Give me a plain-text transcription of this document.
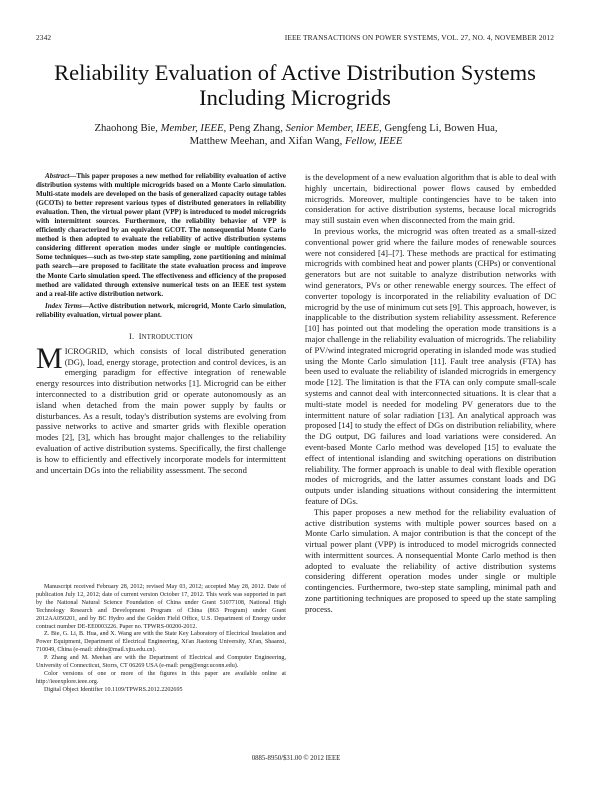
2342	IEEE TRANSACTIONS ON POWER SYSTEMS, VOL. 27, NO. 4, NOVEMBER 2012
Reliability Evaluation of Active Distribution Systems Including Microgrids
Zhaohong Bie, Member, IEEE, Peng Zhang, Senior Member, IEEE, Gengfeng Li, Bowen Hua,
Matthew Meehan, and Xifan Wang, Fellow, IEEE

Abstract—This paper proposes a new method for reliability evaluation of active distribution systems with multiple microgrids based on a Monte Carlo simulation. Multi-state models are developed on the basis of generalized capacity outage tables (GCOTs) to better represent various types of distributed generators in reliability evaluation. Then, the virtual power plant (VPP) is introduced to model microgrids with intermittent sources. Furthermore, the reliability behavior of VPP is efficiently characterized by an equivalent GCOT. The nonsequential Monte Carlo method is then adopted to evaluate the reliability of active distribution systems considering different operation modes under single or multiple contingencies. Some techniques—such as two-step state sampling, zone partitioning and minimal path search—are proposed to facilitate the state evaluation process and improve the Monte Carlo simulation speed. The effectiveness and efficiency of the proposed method are validated through extensive numerical tests on an IEEE test system and a real-life active distribution network.

Index Terms—Active distribution network, microgrid, Monte Carlo simulation, reliability evaluation, virtual power plant.

I. INTRODUCTION

MICROGRID, which consists of local distributed generation (DG), load, energy storage, protection and control devices, is an emerging paradigm for effective integration of renewable energy resources into distribution networks [1]. Microgrid can be either interconnected to a distribution grid or operate autonomously as an island when detached from the main power supply by faults or disturbances. As a result, today's distribution systems are evolving from passive networks to active and smarter grids with flexible operation modes [2], [3], which has brought major challenges to the reliability evaluation of active distribution systems. Specifically, the first challenge is how to efficiently and effectively incorporate models for intermittent and uncertain DGs into the reliability assessment. The second

Manuscript received February 28, 2012; revised May 03, 2012; accepted May 28, 2012. Date of publication July 12, 2012; date of current version October 17, 2012. This work was supported in part by the National Natural Science Foundation of China under Grant 51077108, National High Technology Research and Development Program of China (863 Program) under Grant 2012AA050201, and by BC Hydro and the Golden Field Office, U.S. Department of Energy under contract number DE-EE0003226. Paper no. TPWRS-00200-2012.

Z. Bie, G. Li, B. Hua, and X. Wang are with the State Key Laboratory of Electrical Insulation and Power Equipment, Department of Electrical Engineering, Xi'an Jiaotong University, Xi'an, Shaanxi, 710049, China (e-mail: zhbie@mail.xjtu.edu.cn).

P. Zhang and M. Meehan are with the Department of Electrical and Computer Engineering, University of Connecticut, Storrs, CT 06269 USA (e-mail: peng@engr.uconn.edu).

Color versions of one or more of the figures in this paper are available online at http://ieeexplore.ieee.org.

Digital Object Identifier 10.1109/TPWRS.2012.2202695

is the development of a new evaluation algorithm that is able to deal with highly uncertain, bidirectional power flows caused by embedded microgrids. Moreover, multiple contingencies have to be taken into consideration for active distribution systems, because local microgrids may still sustain even when disconnected from the main grid.

In previous works, the microgrid was often treated as a small-sized conventional power grid where the failure modes of renewable sources were not considered [4]–[7]. These methods are practical for estimating microgrids with combined heat and power plants (CHPs) or conventional generators but are not suitable to analyze distribution networks with wind generators, PVs or other renewable energy sources. The effect of converter topology is incorporated in the reliability evaluation of DC microgrid by the use of minimum cut sets [9]. This approach, however, is inapplicable to the distribution system reliability assessment. Reference [10] has pointed out that modeling the operation mode transitions is a major challenge in the reliability evaluation of microgrids. The reliability of PV/wind integrated microgrid operating in islanded mode was studied using the Monte Carlo simulation [11]. Fault tree analysis (FTA) has been used to evaluate the reliability of islanded microgrids in emergency mode [12]. The limitation is that the FTA can only compute small-scale systems and cannot deal with interconnected situations. It is clear that a multi-state model is needed for modeling PV generators due to the intermittent nature of solar radiation [13]. An analytical approach was proposed [14] to study the effect of DGs on distribution reliability, where the DG output, DG failures and load variations were considered. An event-based Monte Carlo method was developed [15] to evaluate the effect of intentional islanding and switching operations on distribution reliability. The former approach is unable to deal with flexible operation modes of microgrids, and the latter assumes constant loads and DG outputs under islanding situations without considering the intermittent feature of DGs.

This paper proposes a new method for the reliability evaluation of active distribution systems with multiple power sources based on a Monte Carlo simulation. A major contribution is that the concept of the virtual power plant (VPP) is introduced to model microgrids connected with intermittent sources. A nonsequential Monte Carlo method is then adopted to evaluate the reliability of active distribution systems considering different operation modes under single or multiple contingencies. Furthermore, two-step state sampling, minimal path and zone partitioning techniques are proposed to speed up the state sampling process.

0885-8950/$31.00 © 2012 IEEE
